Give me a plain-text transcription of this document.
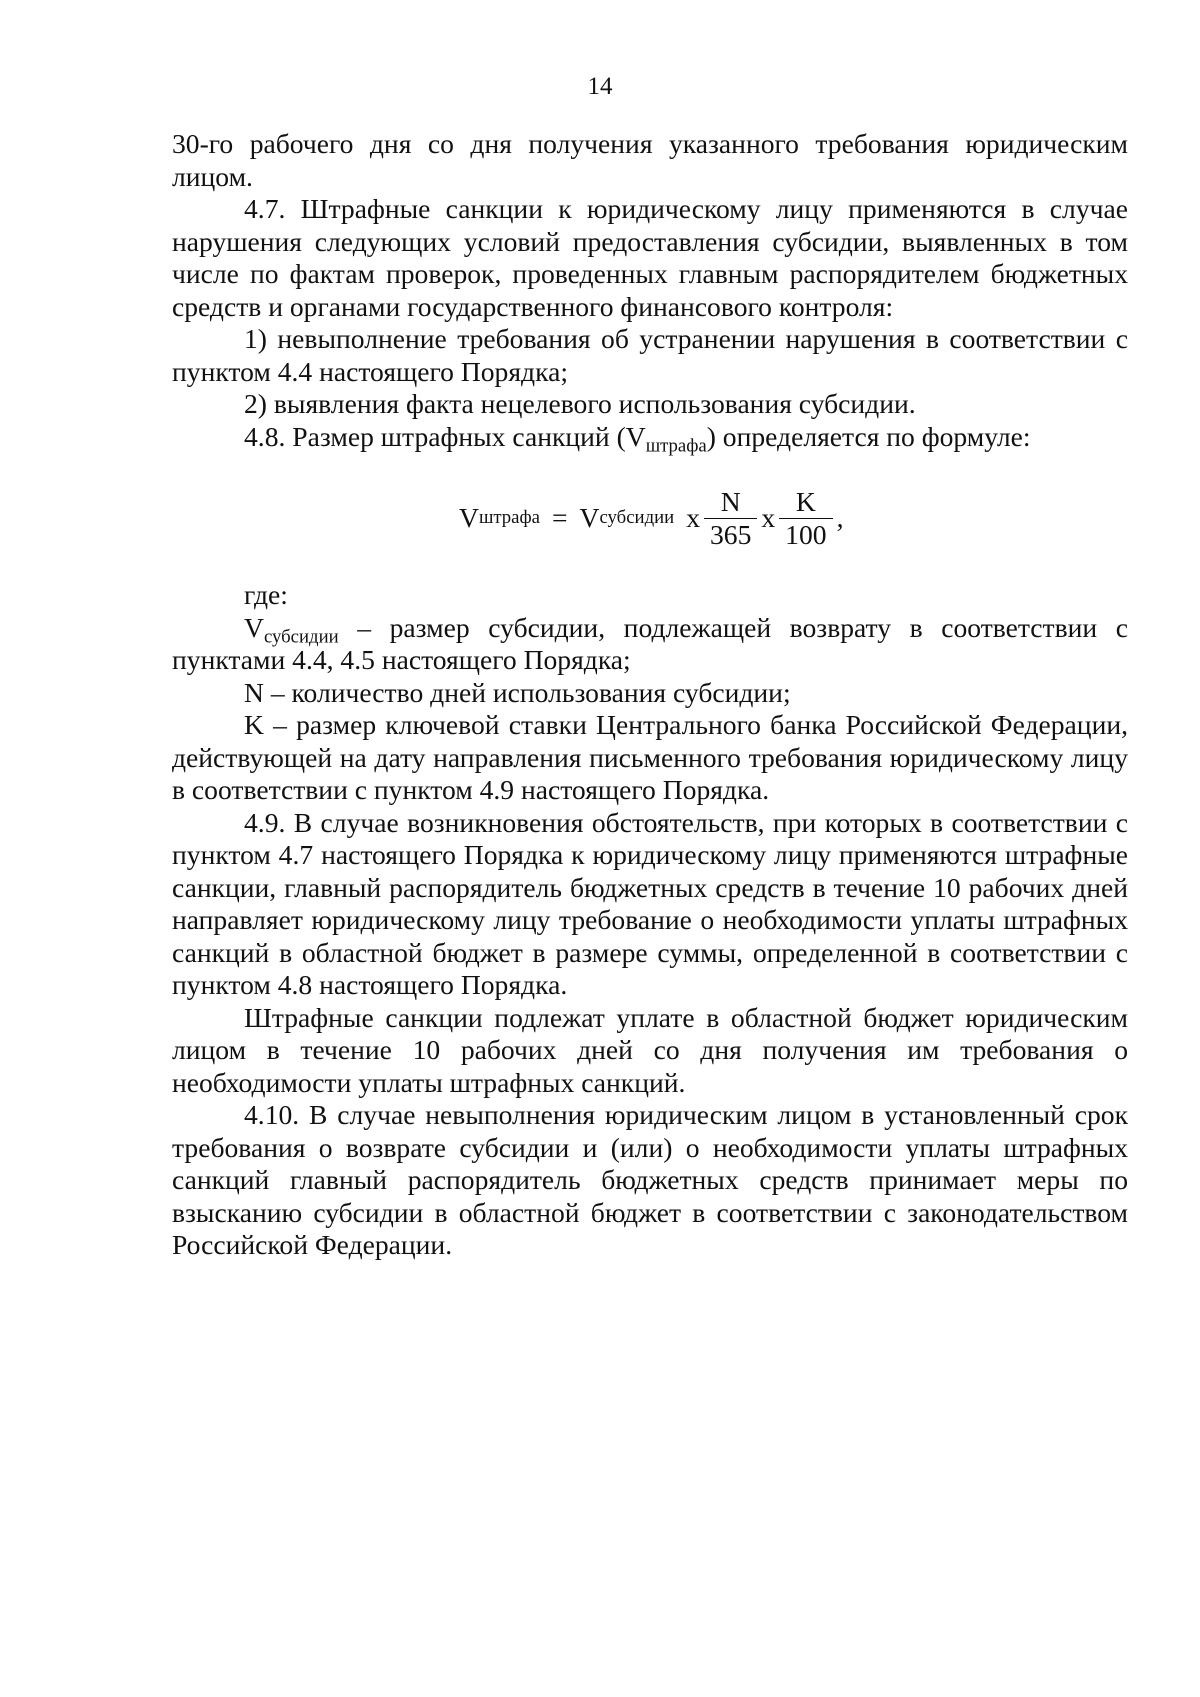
14

30-го рабочего дня со дня получения указанного требования юридическим лицом.

4.7. Штрафные санкции к юридическому лицу применяются в случае нарушения следующих условий предоставления субсидии, выявленных в том числе по фактам проверок, проведенных главным распорядителем бюджетных средств и органами государственного финансового контроля:

1) невыполнение требования об устранении нарушения в соответствии с пунктом 4.4 настоящего Порядка;

2) выявления факта нецелевого использования субсидии.

4.8. Размер штрафных санкций $(V_{штрафа})$ определяется по формуле:

V штрафа = V субсидии x $\frac{N}{365}$ x $\frac{K}{100}$ ,

где:

$V_{субсидии}$ – размер субсидии, подлежащей возврату в соответствии с пунктами 4.4, 4.5 настоящего Порядка;

N – количество дней использования субсидии;

K – размер ключевой ставки Центрального банка Российской Федерации, действующей на дату направления письменного требования юридическому лицу в соответствии с пунктом 4.9 настоящего Порядка.

4.9. В случае возникновения обстоятельств, при которых в соответствии с пунктом 4.7 настоящего Порядка к юридическому лицу применяются штрафные санкции, главный распорядитель бюджетных средств в течение 10 рабочих дней направляет юридическому лицу требование о необходимости уплаты штрафных санкций в областной бюджет в размере суммы, определенной в соответствии с пунктом 4.8 настоящего Порядка.

Штрафные санкции подлежат уплате в областной бюджет юридическим лицом в течение 10 рабочих дней со дня получения им требования о необходимости уплаты штрафных санкций.

4.10. В случае невыполнения юридическим лицом в установленный срок требования о возврате субсидии и (или) о необходимости уплаты штрафных санкций главный распорядитель бюджетных средств принимает меры по взысканию субсидии в областной бюджет в соответствии с законодательством Российской Федерации.
